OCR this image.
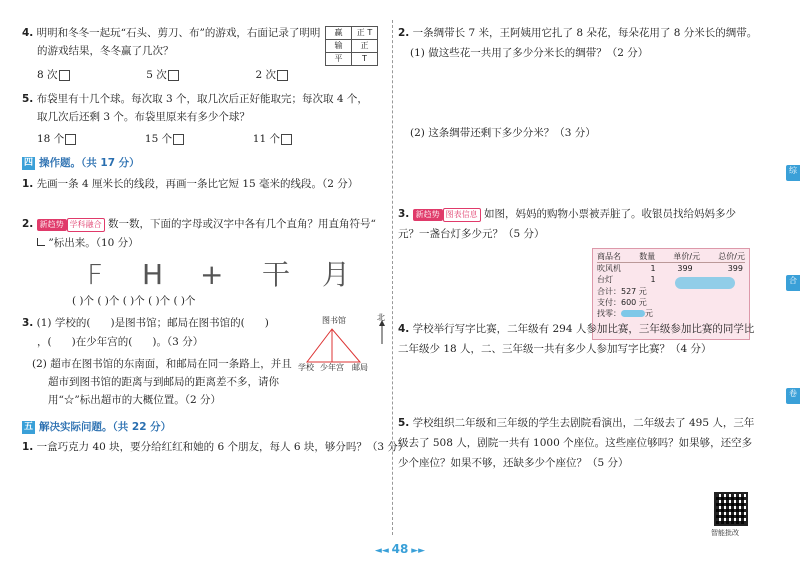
4. 明明和冬冬一起玩“石头、剪刀、布”的游戏，右面记录了明明
的游戏结果，冬冬赢了几次？
赢	正 T
输	正
平	T
8 次	5 次	2 次
5. 布袋里有十几个球。每次取 3 个，取几次后正好能取完；每次取 4 个，
取几次后还剩 3 个。布袋里原来有多少个球？
18 个	15 个	11 个
四 操作题。（共 17 分）
1. 先画一条 4 厘米长的线段，再画一条比它短 15 毫米的线段。（2 分）
2. 新趋势 学科融合 数一数，下面的字母或汉字中各有几个直角？用直角符号“
”标出来。（10 分）
F H + 干 月
( )个 ( )个 ( )个 ( )个 ( )个
3. (1) 学校的(      )是图书馆；邮局在图书馆的(      )
，(      )在少年宫的(      )。（3 分）
(2) 超市在图书馆的东南面，和邮局在同一条路上，并且
超市到图书馆的距离与到邮局的距离差不多，请你
用“☆”标出超市的大概位置。（2 分）
图书馆	北
学校 少年宫 邮局
五 解决实际问题。（共 22 分）
1. 一盒巧克力 40 块，要分给红红和她的 6 个朋友，每人 6 块，够分吗？（3 分）
2. 一条绸带长 7 米，王阿姨用它扎了 8 朵花，每朵花用了 8 分米长的绸带。
(1) 做这些花一共用了多少分米长的绸带？（2 分）
(2) 这条绸带还剩下多少分米？（3 分）
3. 新趋势 图表信息 如图，妈妈的购物小票被弄脏了。收银员找给妈妈多少
元？一盏台灯多少元？（5 分）
商品名 数量 单价/元 总价/元
吹风机	1	399	399
台灯	1
合计：527 元
支付：600 元
找零：	元
4. 学校举行写字比赛，二年级有 294 人参加比赛，三年级参加比赛的同学比
二年级少 18 人，二、三年级一共有多少人参加写字比赛？（4 分）
5. 学校组织二年级和三年级的学生去剧院看演出，二年级去了 495 人，三年
级去了 508 人，剧院一共有 1000 个座位。这些座位够吗？如果够，还空多
少个座位？如果不够，还缺多少个座位？（5 分）
智能批改
综
合
卷
◄◄ 48 ►►
